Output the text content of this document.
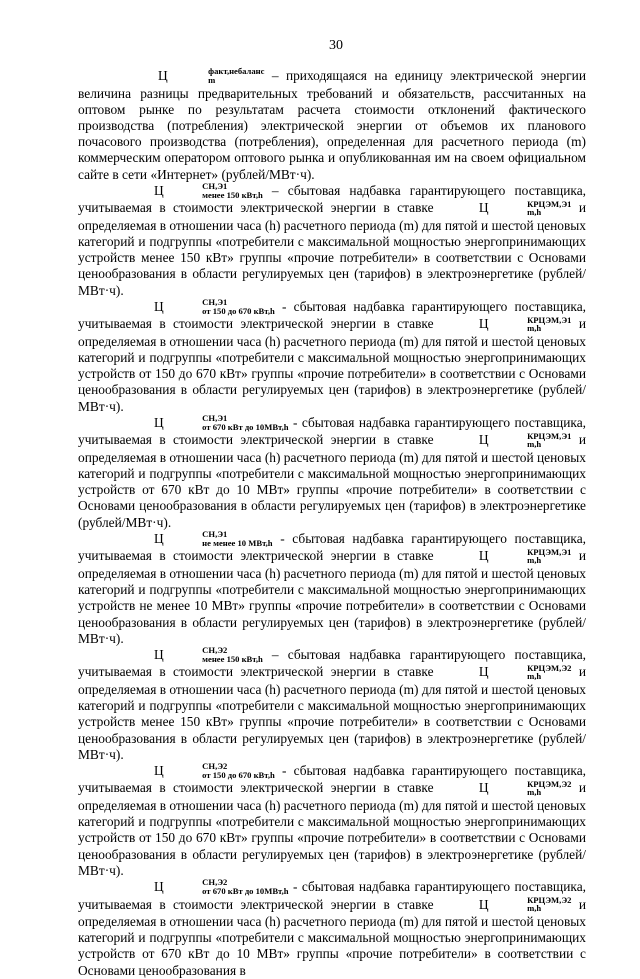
30

Ц	факт,небаланс
m	– приходящаяся на единицу электрической энергии величина разницы предварительных требований и обязательств, рассчитанных на оптовом рынке по результатам расчета стоимости отклонений фактического производства (потребления) электрической энергии от объемов их планового почасового производства (потребления), определенная для расчетного периода (m) коммерческим оператором оптового рынка и опубликованная им на своем официальном сайте в сети «Интернет» (рублей/МВт·ч).

Ц	СН,Э1
менее 150 кВт,h – сбытовая надбавка гарантирующего поставщика, учитываемая в стоимости электрической энергии в ставке	Ц	КРЦЭМ,Э1
m,h	и определяемая в отношении часа (h) расчетного периода (m) для пятой и шестой ценовых категорий и подгруппы «потребители с максимальной мощностью энергопринимающих устройств менее 150 кВт» группы «прочие потребители» в соответствии с Основами ценообразования в области регулируемых цен (тарифов) в электроэнергетике (рублей/МВт·ч).

Ц	СН,Э1
от 150 до 670 кВт,h - сбытовая надбавка гарантирующего поставщика, учитываемая в стоимости электрической энергии в ставке	Ц	КРЦЭМ,Э1
m,h	и определяемая в отношении часа (h) расчетного периода (m) для пятой и шестой ценовых категорий и подгруппы «потребители с максимальной мощностью энергопринимающих устройств от 150 до 670 кВт» группы «прочие потребители» в соответствии с Основами ценообразования в области регулируемых цен (тарифов) в электроэнергетике (рублей/МВт·ч).

Ц	СН,Э1
от 670 кВт до 10МВт,h - сбытовая надбавка гарантирующего поставщика, учитываемая в стоимости электрической энергии в ставке	Ц	КРЦЭМ,Э1
m,h	и определяемая в отношении часа (h) расчетного периода (m) для пятой и шестой ценовых категорий и подгруппы «потребители с максимальной мощностью энергопринимающих устройств от 670 кВт до 10 МВт» группы «прочие потребители» в соответствии с Основами ценообразования в области регулируемых цен (тарифов) в электроэнергетике (рублей/МВт·ч).

Ц	СН,Э1
не менее 10 МВт,h - сбытовая надбавка гарантирующего поставщика, учитываемая в стоимости электрической энергии в ставке	Ц	КРЦЭМ,Э1
m,h	и определяемая в отношении часа (h) расчетного периода (m) для пятой и шестой ценовых категорий и подгруппы «потребители с максимальной мощностью энергопринимающих устройств не менее 10 МВт» группы «прочие потребители» в соответствии с Основами ценообразования в области регулируемых цен (тарифов) в электроэнергетике (рублей/МВт·ч).

Ц	СН,Э2
менее 150 кВт,h – сбытовая надбавка гарантирующего поставщика, учитываемая в стоимости электрической энергии в ставке	Ц	КРЦЭМ,Э2
m,h	и определяемая в отношении часа (h) расчетного периода (m) для пятой и шестой ценовых категорий и подгруппы «потребители с максимальной мощностью энергопринимающих устройств менее 150 кВт» группы «прочие потребители» в соответствии с Основами ценообразования в области регулируемых цен (тарифов) в электроэнергетике (рублей/МВт·ч).

Ц	СН,Э2
от 150 до 670 кВт,h - сбытовая надбавка гарантирующего поставщика, учитываемая в стоимости электрической энергии в ставке	Ц	КРЦЭМ,Э2
m,h	и определяемая в отношении часа (h) расчетного периода (m) для пятой и шестой ценовых категорий и подгруппы «потребители с максимальной мощностью энергопринимающих устройств от 150 до 670 кВт» группы «прочие потребители» в соответствии с Основами ценообразования в области регулируемых цен (тарифов) в электроэнергетике (рублей/МВт·ч).

Ц	СН,Э2
от 670 кВт до 10МВт,h - сбытовая надбавка гарантирующего поставщика, учитываемая в стоимости электрической энергии в ставке	Ц	КРЦЭМ,Э2
m,h	и определяемая в отношении часа (h) расчетного периода (m) для пятой и шестой ценовых категорий и подгруппы «потребители с максимальной мощностью энергопринимающих устройств от 670 кВт до 10 МВт» группы «прочие потребители» в соответствии с Основами ценообразования в
